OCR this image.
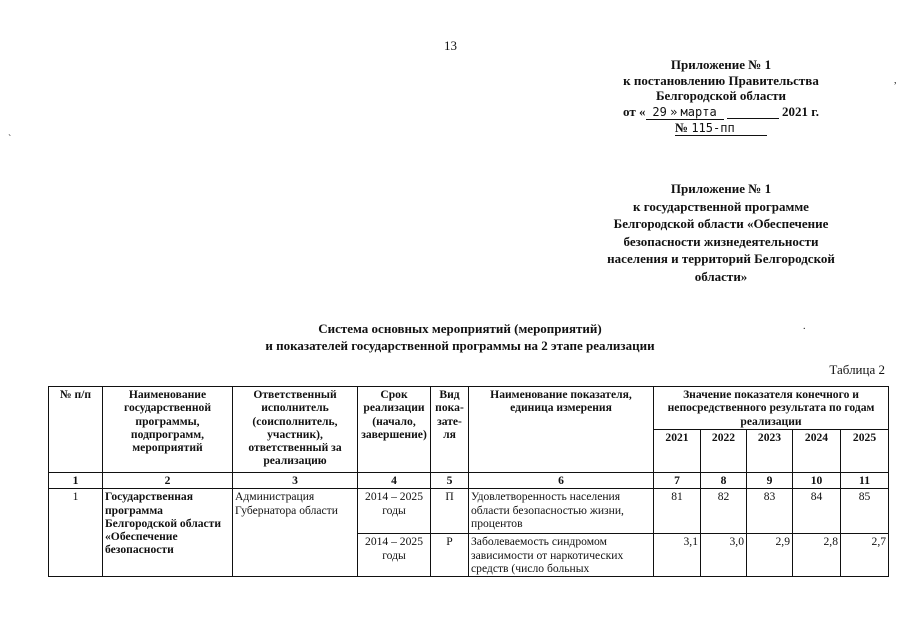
13
,
`
.
Приложение № 1
к постановлению Правительства
Белгородской области
от « 29 » марта	2021 г.
№ 115-пп
Приложение № 1
к государственной программе
Белгородской области «Обеспечение
безопасности жизнедеятельности
населения и территорий Белгородской
области»
Система основных мероприятий (мероприятий)
и показателей государственной программы на 2 этапе реализации
Таблица 2
№ п/п	Наименование государственной программы, подпрограмм, мероприятий	Ответственный исполнитель (соисполнитель, участник), ответственный за реализацию	Срок реализации (начало, завершение)	Вид пока-зате-ля	Наименование показателя, единица измерения	Значение показателя конечного и непосредственного результата по годам реализации				
						2021	2022	2023	2024	2025
1	2	3	4	5	6	7	8	9	10	11
1	Государственная программа Белгородской области «Обеспечение безопасности	Администрация Губернатора области	2014 – 2025 годы	П	Удовлетворенность населения области безопасностью жизни, процентов	81	82	83	84	85
			2014 – 2025 годы	Р	Заболеваемость синдромом зависимости от наркотических средств (число больных	3,1	3,0	2,9	2,8	2,7
